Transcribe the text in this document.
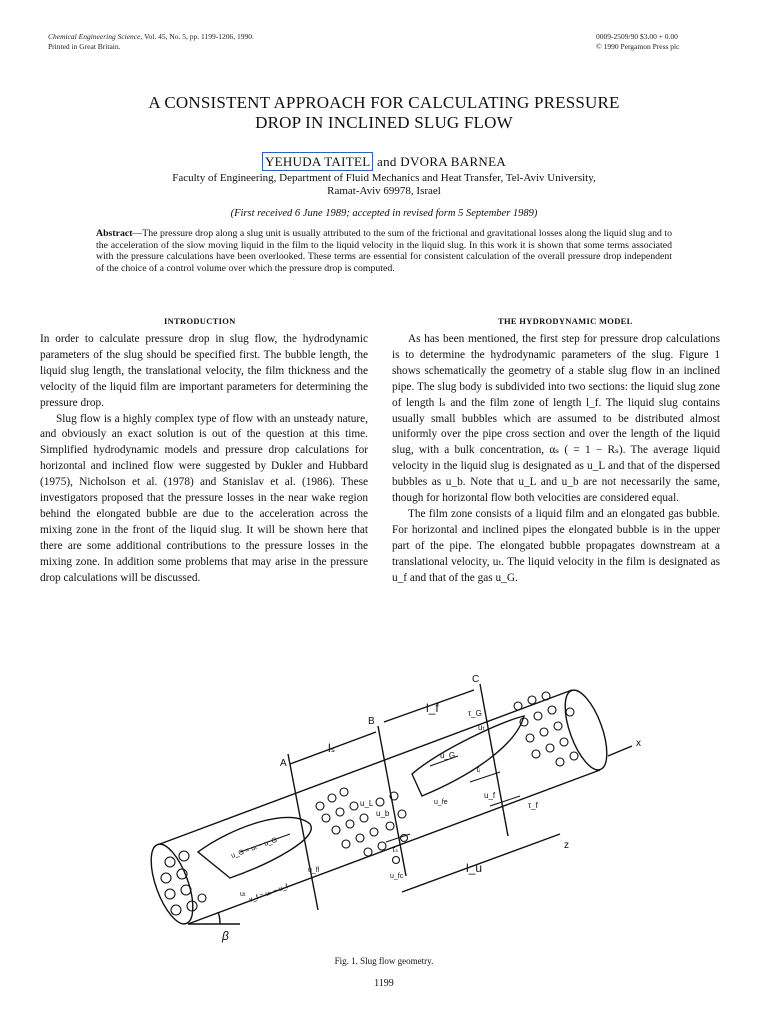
Chemical Engineering Science, Vol. 45, No. 5, pp. 1199-1206, 1990.
Printed in Great Britain.
0009-2509/90 $3.00 + 0.00
© 1990 Pergamon Press plc
A CONSISTENT APPROACH FOR CALCULATING PRESSURE
DROP IN INCLINED SLUG FLOW
YEHUDA TAITEL and DVORA BARNEA
Faculty of Engineering, Department of Fluid Mechanics and Heat Transfer, Tel-Aviv University,
Ramat-Aviv 69978, Israel
(First received 6 June 1989; accepted in revised form 5 September 1989)
Abstract—The pressure drop along a slug unit is usually attributed to the sum of the frictional and gravitational losses along the liquid slug and to the acceleration of the slow moving liquid in the film to the liquid velocity in the liquid slug. In this work it is shown that some terms associated with the pressure calculations have been overlooked. These terms are essential for consistent calculation of the overall pressure drop independent of the choice of a control volume over which the pressure drop is computed.
INTRODUCTION

In order to calculate pressure drop in slug flow, the hydrodynamic parameters of the slug should be specified first. The bubble length, the liquid slug length, the translational velocity, the film thickness and the velocity of the liquid film are important parameters for determining the pressure drop.

Slug flow is a highly complex type of flow with an unsteady nature, and obviously an exact solution is out of the question at this time. Simplified hydrodynamic models and pressure drop calculations for horizontal and inclined flow were suggested by Dukler and Hubbard (1975), Nicholson et al. (1978) and Stanislav et al. (1986). These investigators proposed that the pressure losses in the near wake region behind the elongated bubble are due to the acceleration across the mixing zone in the front of the liquid slug. It will be shown here that there are some additional contributions to the pressure losses in the mixing zone. In addition some problems that may arise in the pressure drop calculations will be discussed.

THE HYDRODYNAMIC MODEL

As has been mentioned, the first step for pressure drop calculations is to determine the hydrodynamic parameters of the slug. Figure 1 shows schematically the geometry of a stable slug flow in an inclined pipe. The slug body is subdivided into two sections: the liquid slug zone of length lₛ and the film zone of length l_f. The liquid slug contains usually small bubbles which are assumed to be distributed almost uniformly over the pipe cross section and over the length of the liquid slug, with a bulk concentration, αₛ ( = 1 − Rₛ). The average liquid velocity in the liquid slug is designated as u_L and that of the dispersed bubbles as u_b. Note that u_L and u_b are not necessarily the same, though for horizontal flow both velocities are considered equal.

The film zone consists of a liquid film and an elongated gas bubble. For horizontal and inclined pipes the elongated bubble is in the upper part of the pipe. The elongated bubble propagates downstream at a translational velocity, uₜ. The liquid velocity in the film is designated as u_f and that of the gas u_G.

A
B
C
lₛ
l_f
l_u
x
z
β
u_L
uₜ
u_G
u_b
u_f
τ_G
τᵢ
τ_f
τₛ
u_G = uₜ − u_G
v_f = uₜ − u_f
u_fl
u_fe
u_fc
uₜ
Fig. 1. Slug flow geometry.
1199
